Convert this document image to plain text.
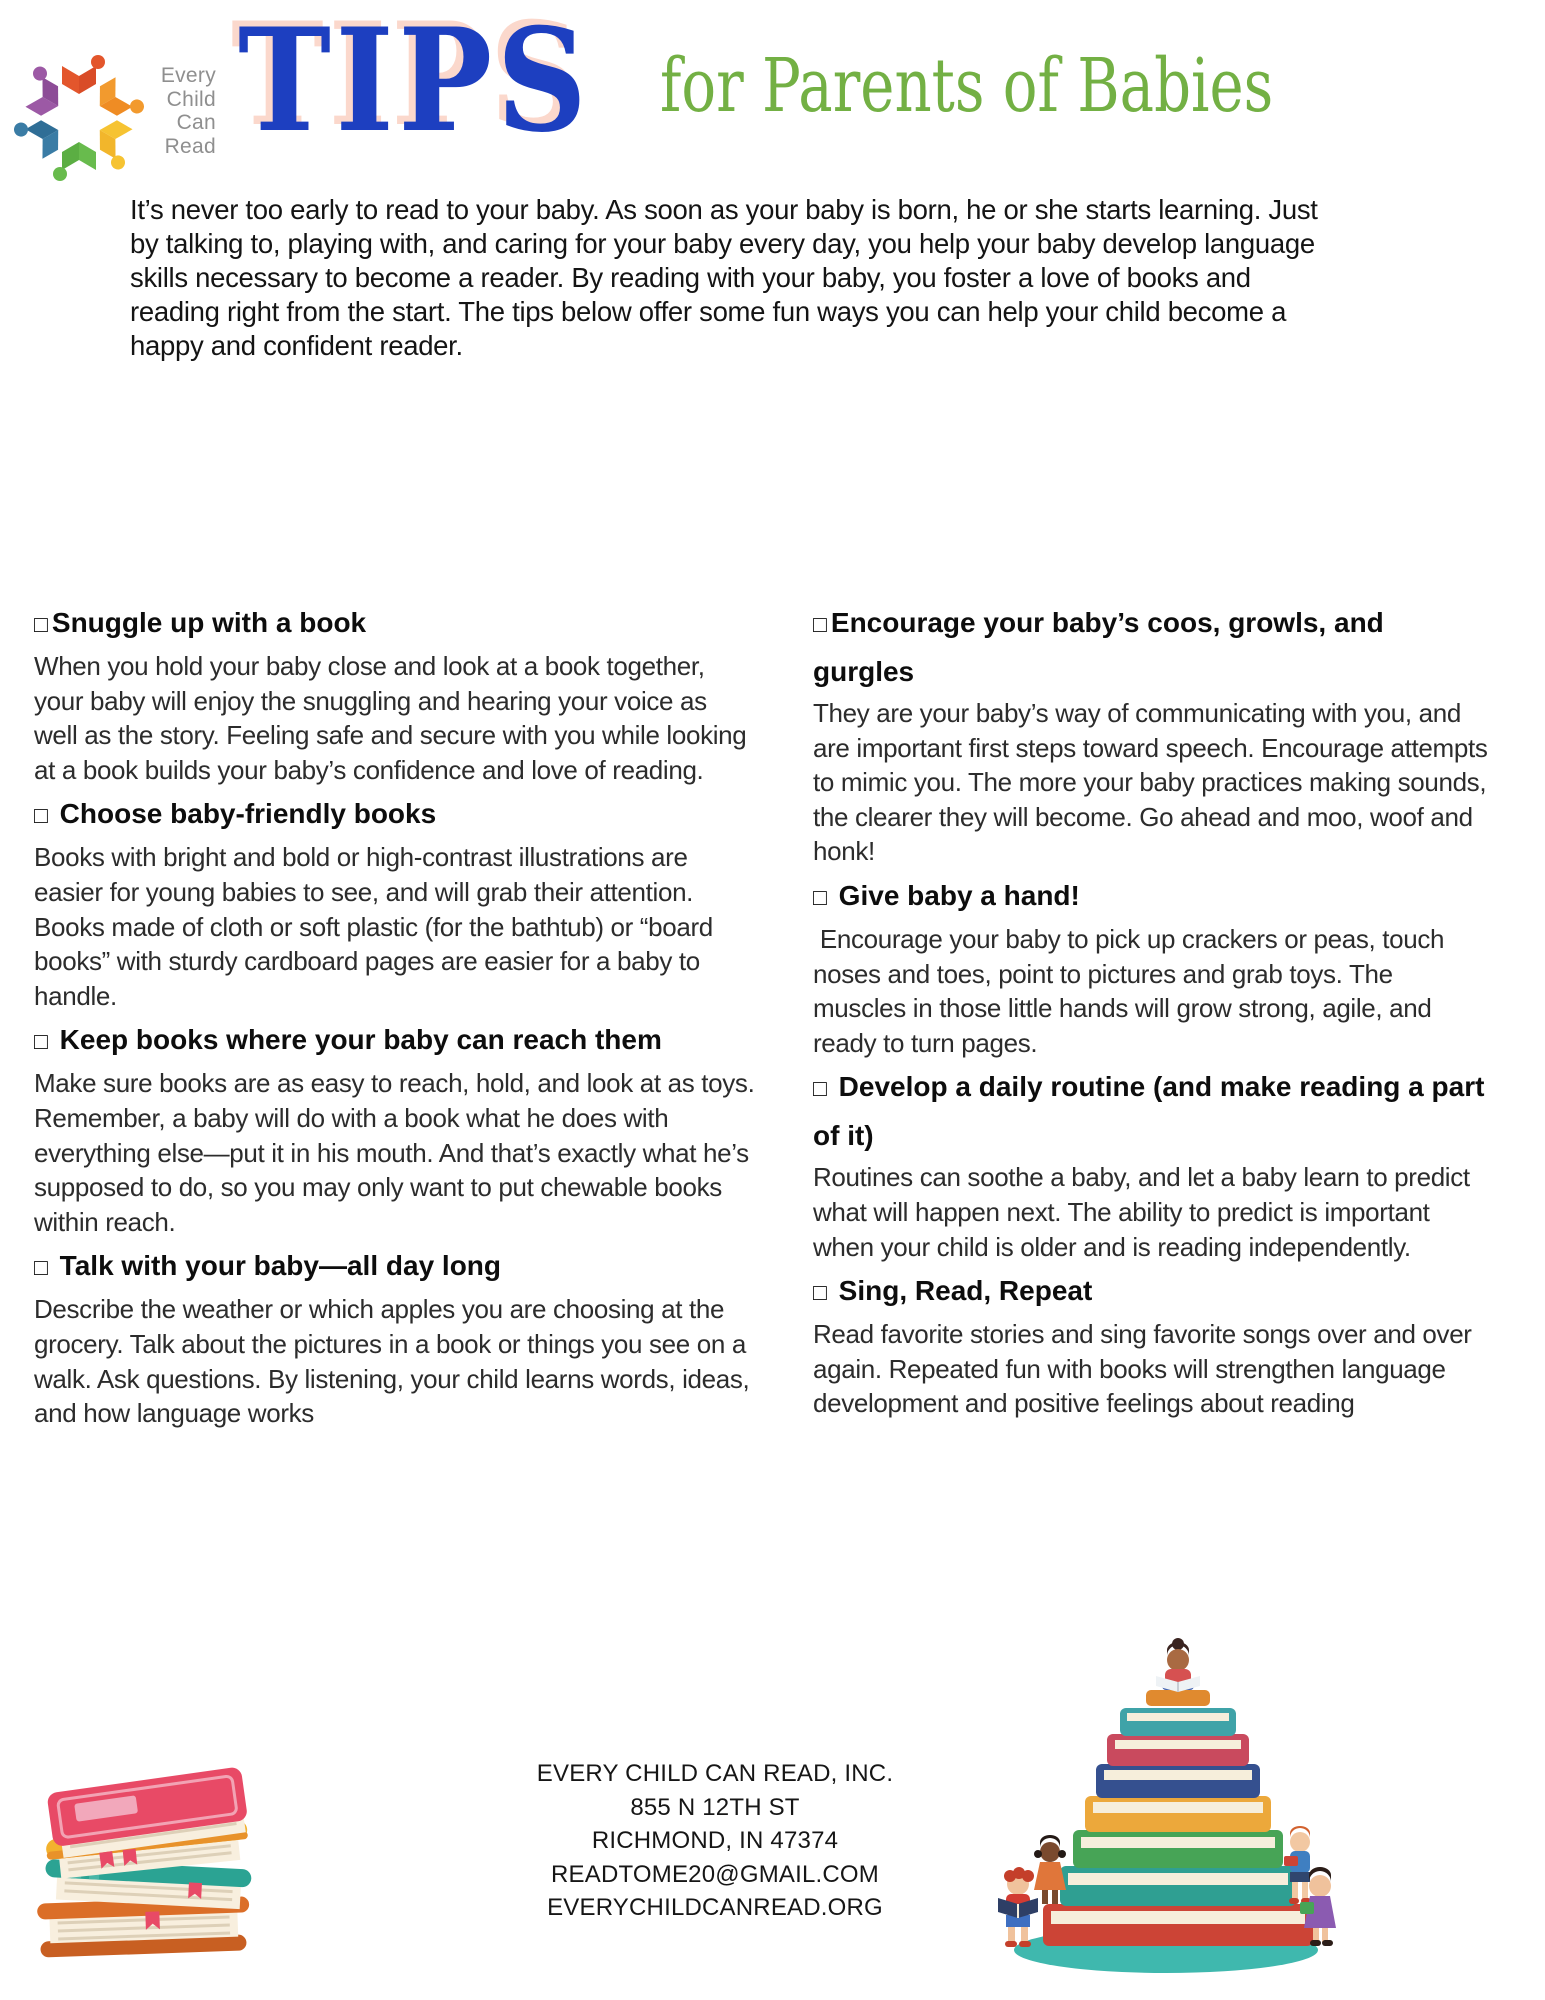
Every
Child
Can
Read TIPS for Parents of Babies
It’s never too early to read to your baby. As soon as your baby is born, he or she starts learning. Just
by talking to, playing with, and caring for your baby every day, you help your baby develop language
skills necessary to become a reader. By reading with your baby, you foster a love of books and
reading right from the start. The tips below offer some fun ways you can help your child become a
happy and confident reader.
□ Snuggle up with a book
When you hold your baby close and look at a book together, your baby will enjoy the snuggling and hearing your voice as well as the story. Feeling safe and secure with you while looking at a book builds your baby’s confidence and love of reading.
□ Choose baby-friendly books
Books with bright and bold or high-contrast illustrations are easier for young babies to see, and will grab their attention. Books made of cloth or soft plastic (for the bathtub) or “board books” with sturdy cardboard pages are easier for a baby to handle.
□ Keep books where your baby can reach them
Make sure books are as easy to reach, hold, and look at as toys. Remember, a baby will do with a book what he does with everything else—put it in his mouth. And that’s exactly what he’s supposed to do, so you may only want to put chewable books within reach.
□ Talk with your baby—all day long
Describe the weather or which apples you are choosing at the grocery. Talk about the pictures in a book or things you see on a walk. Ask questions. By listening, your child learns words, ideas, and how language works
□ Encourage your baby’s coos, growls, and gurgles
They are your baby’s way of communicating with you, and are important first steps toward speech. Encourage attempts to mimic you. The more your baby practices making sounds, the clearer they will become. Go ahead and moo, woof and honk!
□ Give baby a hand!
Encourage your baby to pick up crackers or peas, touch noses and toes, point to pictures and grab toys. The muscles in those little hands will grow strong, agile, and ready to turn pages.
□ Develop a daily routine (and make reading a part of it)
Routines can soothe a baby, and let a baby learn to predict what will happen next. The ability to predict is important when your child is older and is reading independently.
□ Sing, Read, Repeat
Read favorite stories and sing favorite songs over and over again. Repeated fun with books will strengthen language development and positive feelings about reading
EVERY CHILD CAN READ, INC.
855 N 12TH ST
RICHMOND, IN 47374
READTOME20@GMAIL.COM
EVERYCHILDCANREAD.ORG
